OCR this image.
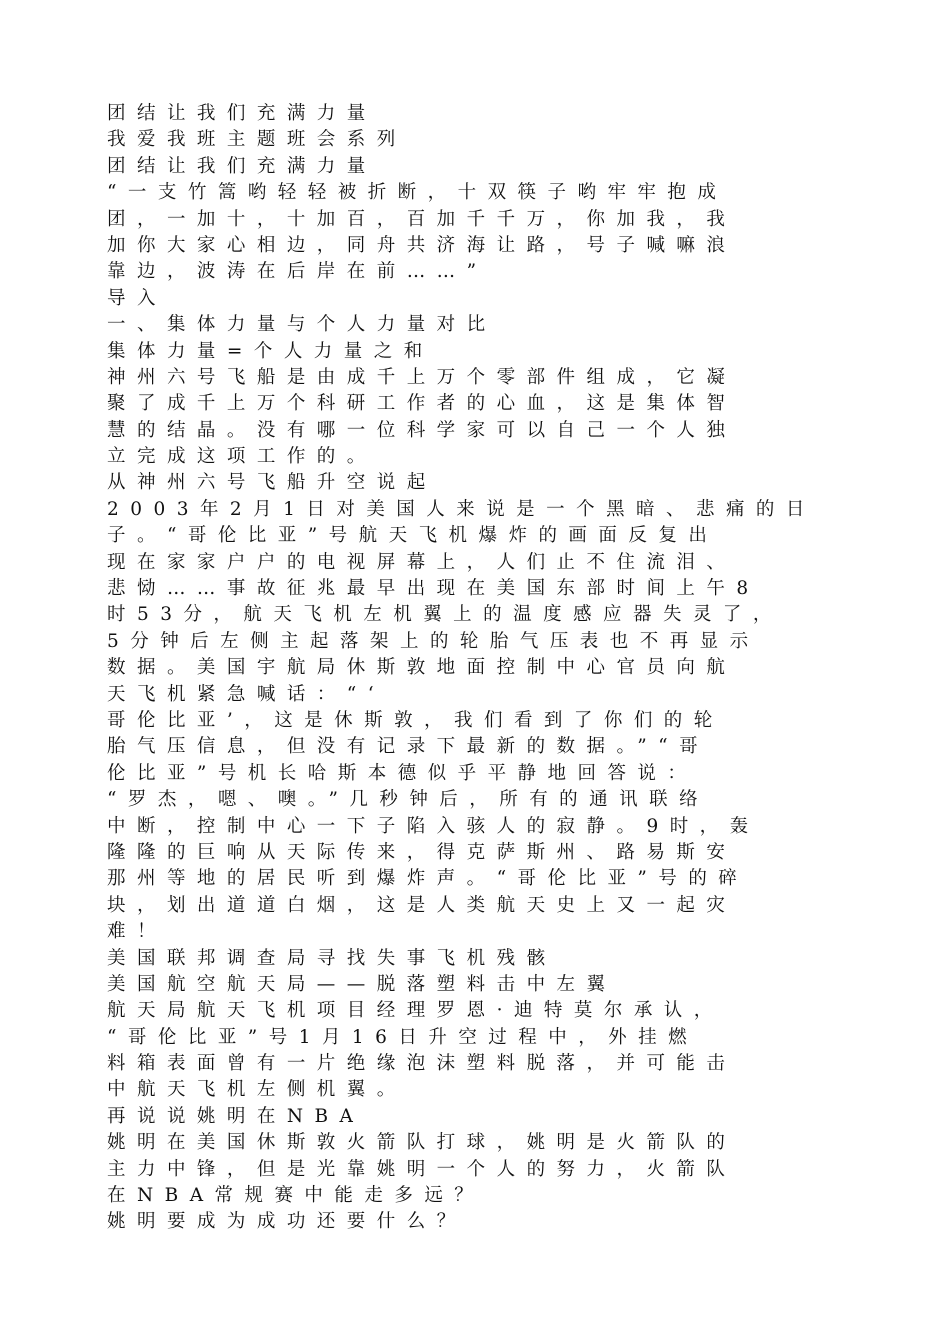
团结让我们充满力量
我爱我班主题班会系列
团结让我们充满力量
“一支竹篙哟轻轻被折断，十双筷子哟牢牢抱成
团，一加十，十加百，百加千千万，你加我，我
加你大家心相边，同舟共济海让路，号子喊嘛浪
靠边，波涛在后岸在前……”
导入
一、集体力量与个人力量对比
集体力量=个人力量之和
神州六号飞船是由成千上万个零部件组成，它凝
聚了成千上万个科研工作者的心血，这是集体智
慧的结晶。没有哪一位科学家可以自己一个人独
立完成这项工作的。
从神州六号飞船升空说起
2003年2月1日对美国人来说是一个黑暗、悲痛的日
子。“哥伦比亚”号航天飞机爆炸的画面反复出
现在家家户户的电视屏幕上，人们止不住流泪、
悲恸……事故征兆最早出现在美国东部时间上午8
时53分，航天飞机左机翼上的温度感应器失灵了，
5分钟后左侧主起落架上的轮胎气压表也不再显示
数据。美国宇航局休斯敦地面控制中心官员向航
天飞机紧急喊话：“‘
哥伦比亚’，这是休斯敦，我们看到了你们的轮
胎气压信息，但没有记录下最新的数据。”“哥
伦比亚”号机长哈斯本德似乎平静地回答说：
“罗杰，嗯、噢。”几秒钟后，所有的通讯联络
中断，控制中心一下子陷入骇人的寂静。9时，轰
隆隆的巨响从天际传来，得克萨斯州、路易斯安
那州等地的居民听到爆炸声。“哥伦比亚”号的碎
块，划出道道白烟，这是人类航天史上又一起灾
难！
美国联邦调查局寻找失事飞机残骸
美国航空航天局——脱落塑料击中左翼
航天局航天飞机项目经理罗恩·迪特莫尔承认，
“哥伦比亚”号1月16日升空过程中，外挂燃
料箱表面曾有一片绝缘泡沫塑料脱落，并可能击
中航天飞机左侧机翼。
再说说姚明在NBA
姚明在美国休斯敦火箭队打球，姚明是火箭队的
主力中锋，但是光靠姚明一个人的努力，火箭队
在NBA常规赛中能走多远？
姚明要成为成功还要什么？
